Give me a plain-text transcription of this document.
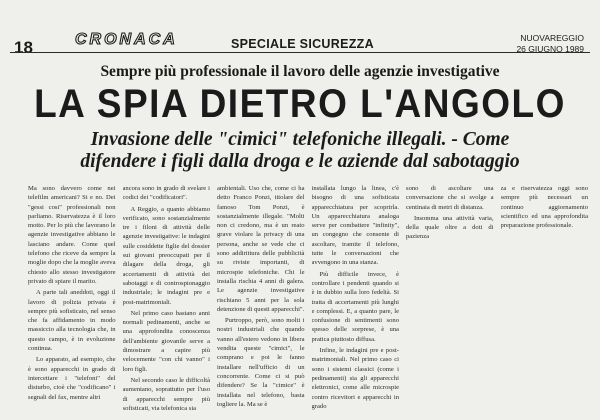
18	CRONACA	SPECIALE SICUREZZA	NUOVAREGGIO
26 GIUGNO 1989
Sempre più professionale il lavoro delle agenzie investigative
LA SPIA DIETRO L'ANGOLO
Invasione delle "cimici" telefoniche illegali. - Come
difendere i figli dalla droga e le aziende dal sabotaggio

Ma sono davvero come nei telefilm americani? Si e no. Dei "gessi cosi" professionali non parliamo. Riservatezza è il loro motto. Per lo più che lavorano le agenzie investigative abbiano le lasciano andare. Come quel telefono che riceve da sempre la moglie dopo che la moglie aveva chiesto allo stesso investigatore privato di spiare il marito.

A parte tali aneddoti, oggi il lavoro di polizia privata è sempre più sofisticato, nel senso che fa affidamento in modo massiccio alla tecnologia che, in questo campo, è in evoluzione continua.

Lo apparato, ad esempio, che è sono apparecchi in grado di intercettare i "telefoni" del disturbo, cioè che "codificano" i segnali del fax, mentre altri

ancora sono in grado di svelare i codici dei "codificatori".

A Reggio, a quanto abbiamo verificato, sono sostanzialmente tre i filoni di attività delle agenzie investigative: le indagini sulle cosiddette figlie del dossier sui giovani preoccupati per il dilagare della droga, gli accertamenti di attività dei sabotaggi e di controspionaggio industriale; le indagini pre e post-matrimoniali.

Nel primo caso bastano anni normali pedinamenti, anche se una approfondita conoscenza dell'ambiente giovanile serve a dimostrare a capire più velocemente "con chi vanno" i loro figli.

Nel secondo caso le difficoltà aumentano, soprattutto per l'uso di apparecchi sempre più sofisticati, via telefonica sia

ambientali. Uso che, come ci ha detto Franco Ponzi, titolare del famoso Tom Ponzi, è sostanzialmente illegale. "Molti non ci credono, ma è un reato grave violare la privacy di una persona, anche se vede che ci sono addirittura delle pubblicità su riviste importanti, di microspie telefoniche. Chi le installa rischia 4 anni di galera. Le agenzie investigative rischiano 5 anni per la sola detenzione di questi apparecchi".

Purtroppo, però, sono molti i nostri industriali che quando vanno all'estero vedono in libera vendita queste "cimici", le comprano e poi le fanno installare nell'ufficio di un concorrente. Come ci si può difendere? Se la "cimice" è installata nel telefono, basta togliere la. Ma se è

installata lungo la linea, c'è bisogno di una sofisticata apparecchiatura per scoprirla. Un apparecchiatura analoga serve per combattere "infinity", un congegno che consente di ascoltare, tramite il telefono, tutte le conversazioni che avvengono in una stanza.

Più difficile invece, è controllare i pendenti quando si è in dubbio sulla loro fedeltà. Si tratta di accertamenti più lunghi e complessi. E, a quanto pare, le confusione di sentimenti sono spesso delle sorprese, è una pratica piuttosto diffusa.

Infine, le indagini pre e post-matrimoniali. Nel primo caso ci sono i sistemi classici (come i pedinamenti) sia gli apparecchi elettronici, come alle microspie contro ricevitori e apparecchi in grado

sono di ascoltare una conversazione che si svolge a centinaia di metri di distanza.

Insomma una attività varia, della quale oltre a doti di pazienza

za e riservatezza oggi sono sempre più necessari un continuo aggiornamento scientifico ed una approfondita preparazione professionale.
